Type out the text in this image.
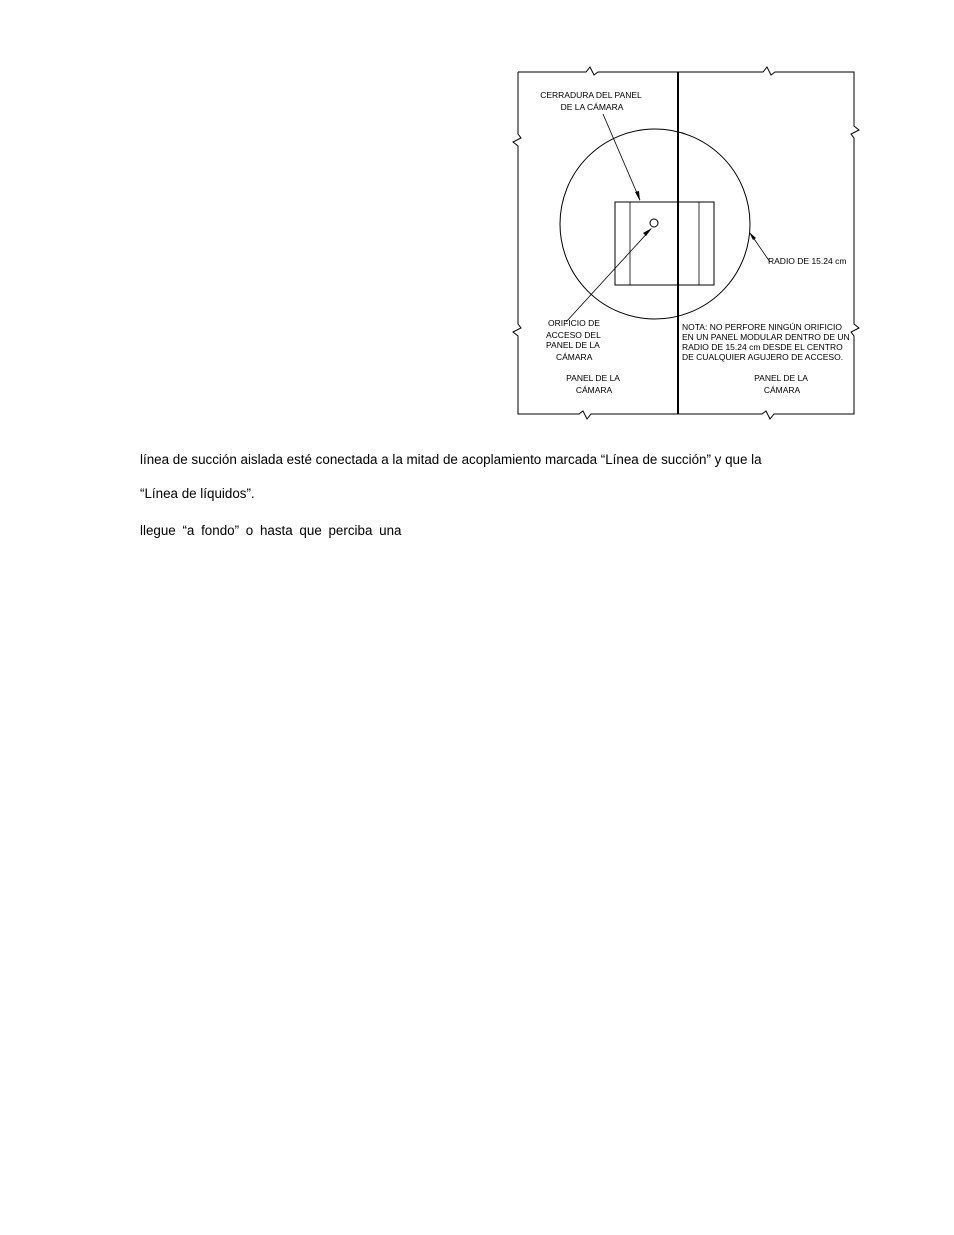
CERRADURA DEL PANEL DE LA CÁMARA
RADIO DE 15.24 cm
ORIFICIO DE ACCESO DEL PANEL DE LA CÁMARA
NOTA: NO PERFORE NINGÚN ORIFICIO EN UN PANEL MODULAR DENTRO DE UN RADIO DE 15.24 cm DESDE EL CENTRO DE CUALQUIER AGUJERO DE ACCESO.
PANEL DE LA CÁMARA
PANEL DE LA CÁMARA

línea de succión aislada esté conectada a la mitad de acoplamiento marcada “Línea de succión” y que la

“Línea de líquidos”.

llegue “a fondo” o hasta que perciba una
